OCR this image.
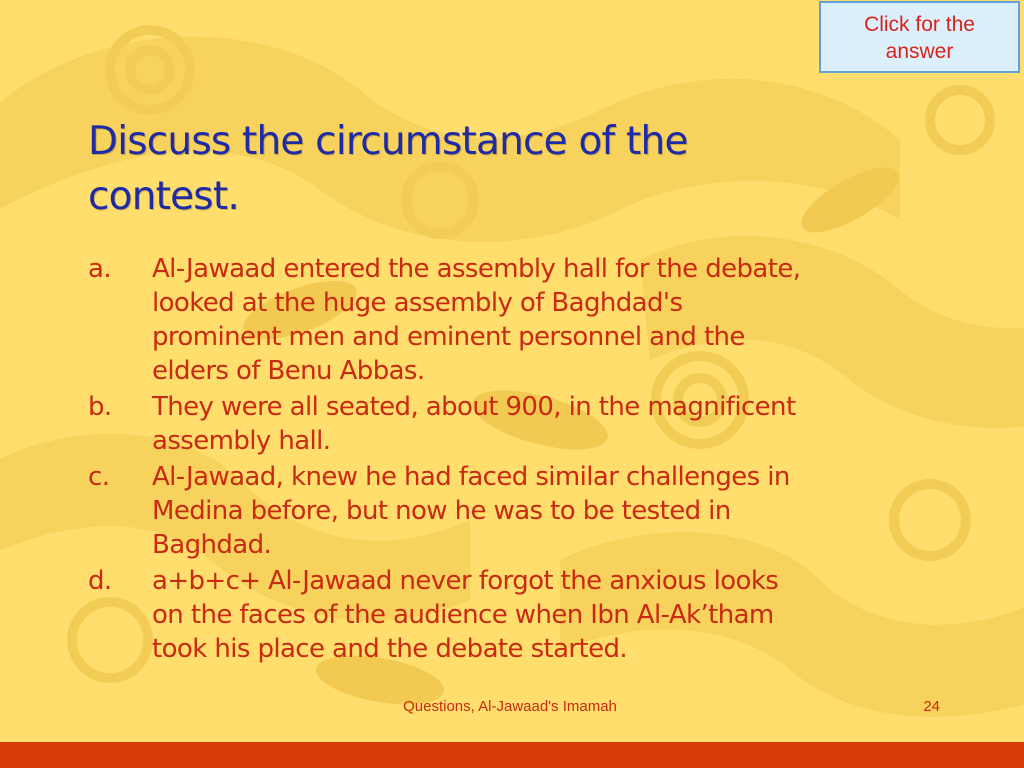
Click for the
answer
Discuss the circumstance of the
contest.
a. Al-Jawaad entered the assembly hall for the debate,
looked at the huge assembly of Baghdad's
prominent men and eminent personnel and the
elders of Benu Abbas.
b. They were all seated, about 900, in the magnificent
assembly hall.
c. Al-Jawaad, knew he had faced similar challenges in
Medina before, but now he was to be tested in
Baghdad.
d. a+b+c+ Al-Jawaad never forgot the anxious looks
on the faces of the audience when Ibn Al-Ak’tham
took his place and the debate started.
Questions, Al-Jawaad's Imamah	24
